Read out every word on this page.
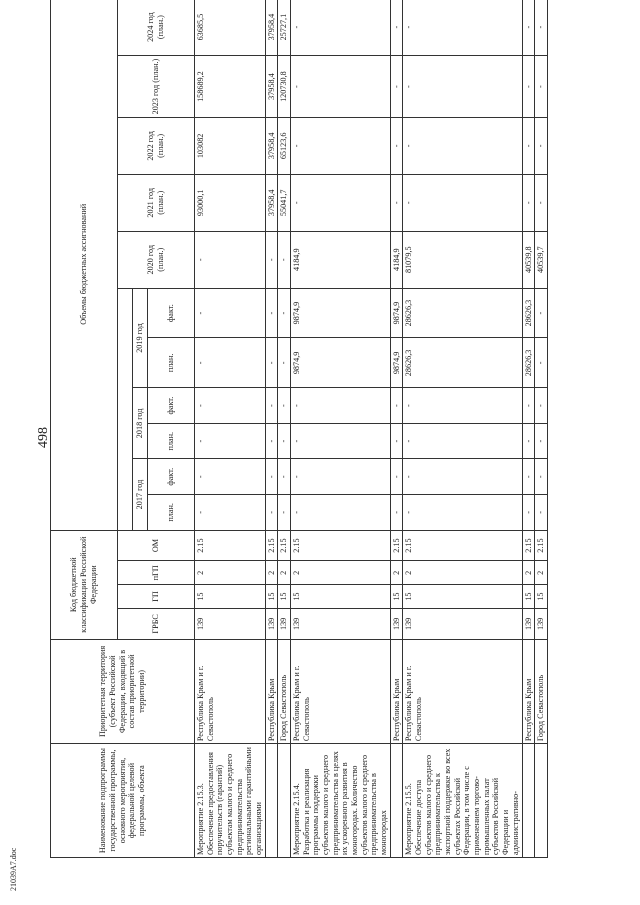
498
Наименование подпрограммы государственной программы, основного мероприятия, федеральной целевой программы, объекта	Приоритетная территория (субъект Российской Федерации, входящий в состав приоритетной территории)	Код бюджетной классификации Российской Федерации				Объемы бюджетных ассигнований										
		ГРБС	ГП	пГП	ОМ							2020 год (план.)	2021 год (план.)	2022 год (план.)	2023 год (план.)	2024 год (план.)
						2017 год		2018 год		2019 год						
						план.	факт.	план.	факт.	план.	факт.					
Мероприятие 2.15.3. Обеспечение предоставления поручительств (гарантий) субъектам малого и среднего предпринимательства региональными гарантийными организациями	Республика Крым и г. Севастополь	139	15	2	2.15	-	-	-	-	-	-	-	93000,1	103082	158689,2	63685,5
	Республика Крым	139	15	2	2.15	-	-	-	-	-	-	-	37958,4	37958,4	37958,4	37958,4
	Город Севастополь	139	15	2	2.15	-	-	-	-	-	-	-	55041,7	65123,6	120730,8	25727,1
Мероприятие 2.15.4. Разработка и реализация программы поддержки субъектов малого и среднего предпринимательства в целях их ускоренного развития в моногородах. Количество субъектов малого и среднего предпринимательства в моногородах	Республика Крым и г. Севастополь	139	15	2	2.15	-	-	-	-	9874,9	9874,9	4184,9	-	-	-	-
	Республика Крым	139	15	2	2.15	-	-	-	-	9874,9	9874,9	4184,9	-	-	-	-
Мероприятие 2.15.5. Обеспечение доступа субъектов малого и среднего предпринимательства к экспортной поддержке во всех субъектах Российской Федерации, в том числе с применением торгово-промышленных палат субъектов Российской Федерации и административно-	Республика Крым и г. Севастополь	139	15	2	2.15	-	-	-	-	28626,3	28626,3	81079,5	-	-	-	-
	Республика Крым	139	15	2	2.15	-	-	-	-	28626,3	28626,3	40539,8	-	-	-	-
	Город Севастополь	139	15	2	2.15	-	-	-	-	-	-	40539,7	-	-	-	-
21039А7.doc
